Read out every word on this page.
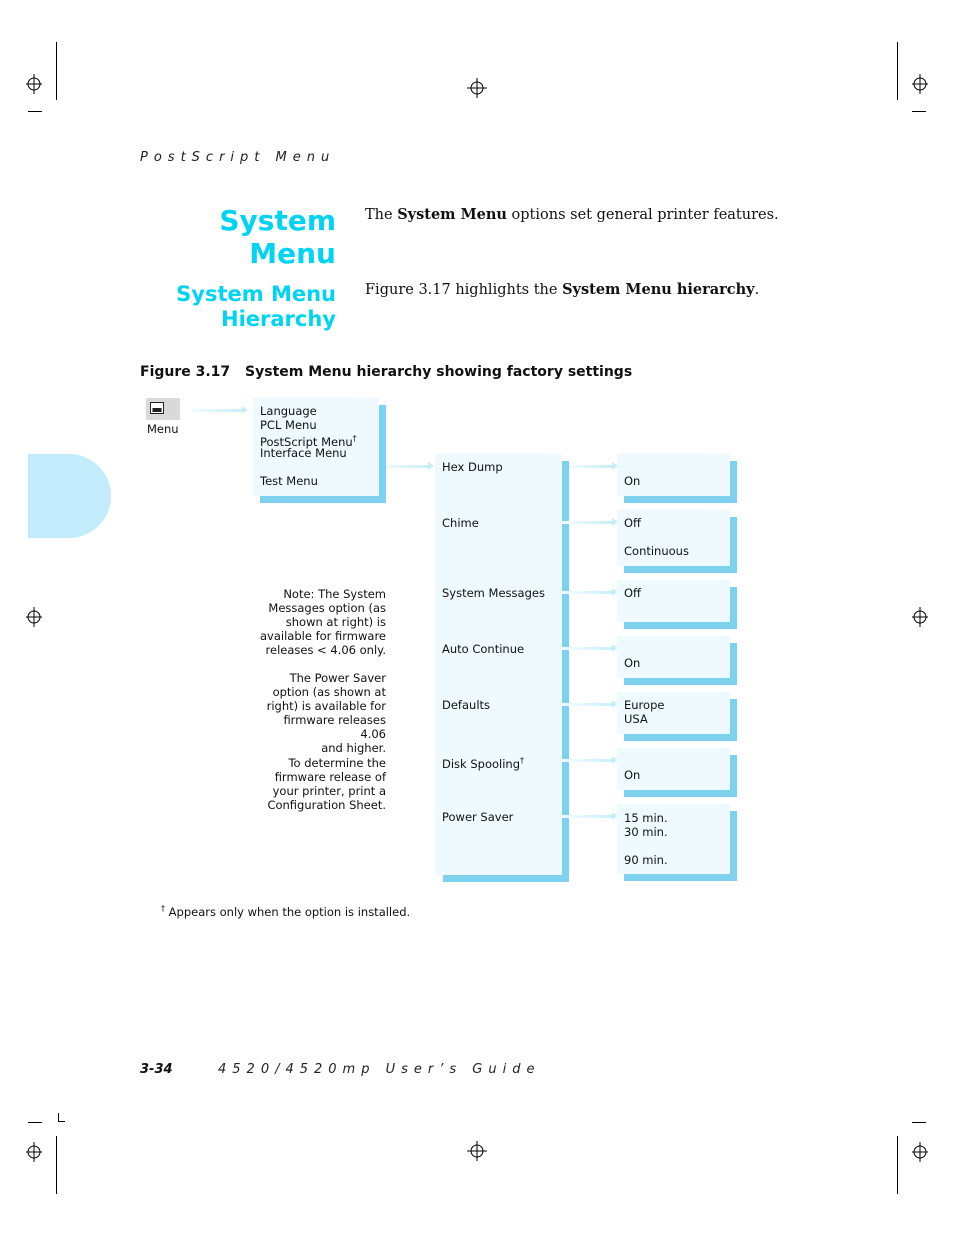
PostScript Menu
System Menu
The System Menu options set general printer features.
System Menu
Hierarchy
Figure 3.17 highlights the System Menu hierarchy.
Figure 3.17 System Menu hierarchy showing factory settings
Menu
Language
PCL Menu
PostScript Menu†
Interface Menu
Test Menu
Hex Dump
Chime
System Messages
Auto Continue
Defaults
Disk Spooling†
Power Saver
On
Off
Continuous
Off
On
Europe
USA
On
15 min.
30 min.
90 min.
Note: The System
Messages option (as
shown at right) is
available for firmware
releases < 4.06 only.
The Power Saver
option (as shown at
right) is available for
firmware releases 4.06
and higher.
To determine the
firmware release of
your printer, print a
Configuration Sheet.
† Appears only when the option is installed.
3-34	4520/4520mp User’s Guide
